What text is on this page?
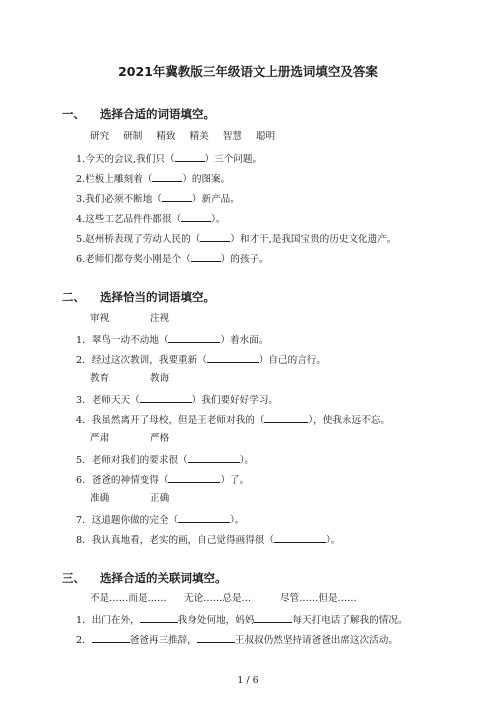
2021年冀教版三年级语文上册选词填空及答案
一、 选择合适的词语填空。
研究 研制 精致 精美 智慧 聪明
1.今天的会议,我们只（	）三个问题。
2.栏板上雕刻着（	）的图案。
3.我们必须不断地（	）新产品。
4.这些工艺品件件都很（	）。
5.赵州桥表现了劳动人民的（	）和才干,是我国宝贵的历史文化遗产。
6.老师们都夸奖小刚是个（	）的孩子。
二、 选择恰当的词语填空。
审视	注视
1．翠鸟一动不动地（	）着水面。
2．经过这次教训，我要重新（	）自己的言行。
教育	教诲
3．老师天天（	）我们要好好学习。
4．我虽然离开了母校，但是王老师对我的（	），使我永远不忘。
严肃	严格
5．老师对我们的要求很（	）。
6．爸爸的神情变得（	）了。
准确	正确
7．这道题你做的完全（	）。
8．我认真地看，老实的画，自己觉得画得很（	）。
三、 选择合适的关联词填空。
不是……而是…… 无论……总是…	尽管……但是……
1．出门在外，	我身处何地，妈妈	每天打电话了解我的情况。
2．	爸爸再三推辞，	王叔叔仍然坚持请爸爸出席这次活动。
1 / 6
